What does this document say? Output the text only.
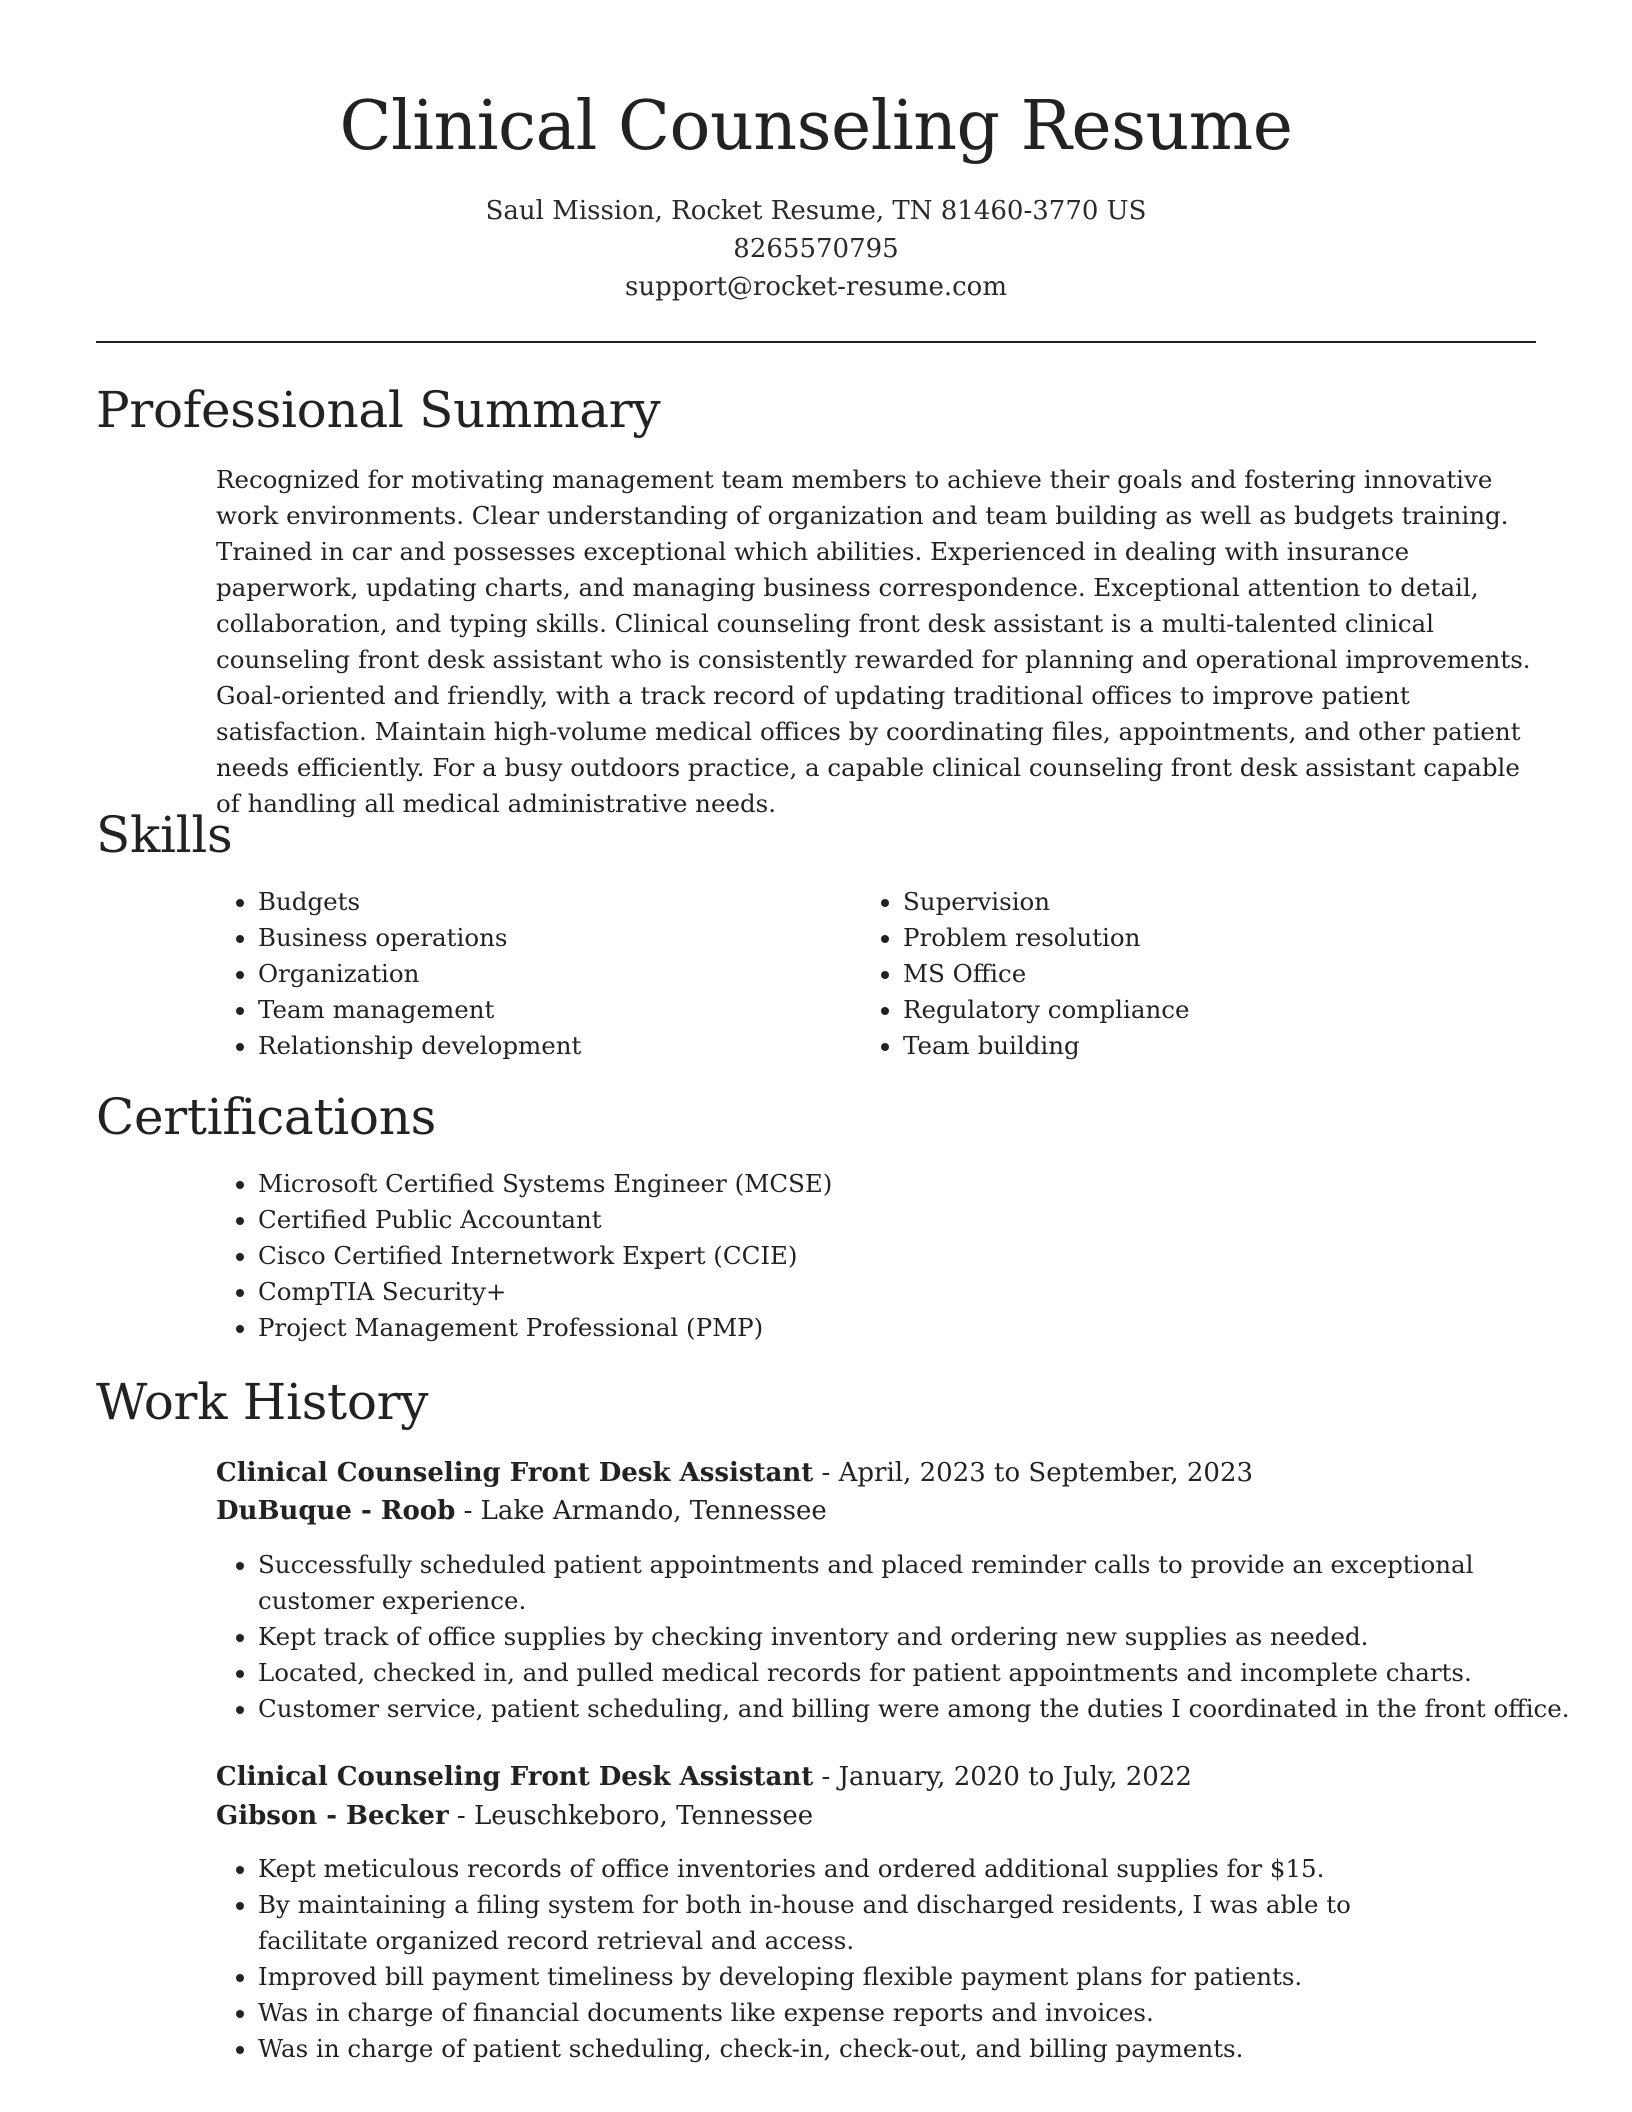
Clinical Counseling Resume

Saul Mission, Rocket Resume, TN 81460-3770 US

8265570795

support@rocket-resume.com

Professional Summary

Recognized for motivating management team members to achieve their goals and fostering innovative work environments. Clear understanding of organization and team building as well as budgets training. Trained in car and possesses exceptional which abilities. Experienced in dealing with insurance paperwork, updating charts, and managing business correspondence. Exceptional attention to detail, collaboration, and typing skills. Clinical counseling front desk assistant is a multi-talented clinical counseling front desk assistant who is consistently rewarded for planning and operational improvements. Goal-oriented and friendly, with a track record of updating traditional offices to improve patient satisfaction. Maintain high-volume medical offices by coordinating files, appointments, and other patient needs efficiently. For a busy outdoors practice, a capable clinical counseling front desk assistant capable of handling all medical administrative needs.

Skills
• Budgets
• Business operations
• Organization
• Team management
• Relationship development
• Supervision
• Problem resolution
• MS Office
• Regulatory compliance
• Team building
Certifications
• Microsoft Certified Systems Engineer (MCSE)
• Certified Public Accountant
• Cisco Certified Internetwork Expert (CCIE)
• CompTIA Security+
• Project Management Professional (PMP)
Work History

Clinical Counseling Front Desk Assistant - April, 2023 to September, 2023

DuBuque - Roob - Lake Armando, Tennessee

• Successfully scheduled patient appointments and placed reminder calls to provide an exceptional customer experience.
• Kept track of office supplies by checking inventory and ordering new supplies as needed.
• Located, checked in, and pulled medical records for patient appointments and incomplete charts.
• Customer service, patient scheduling, and billing were among the duties I coordinated in the front office.

Clinical Counseling Front Desk Assistant - January, 2020 to July, 2022

Gibson - Becker - Leuschkeboro, Tennessee

• Kept meticulous records of office inventories and ordered additional supplies for $15.
• By maintaining a filing system for both in-house and discharged residents, I was able to facilitate organized record retrieval and access.
• Improved bill payment timeliness by developing flexible payment plans for patients.
• Was in charge of financial documents like expense reports and invoices.
• Was in charge of patient scheduling, check-in, check-out, and billing payments.
